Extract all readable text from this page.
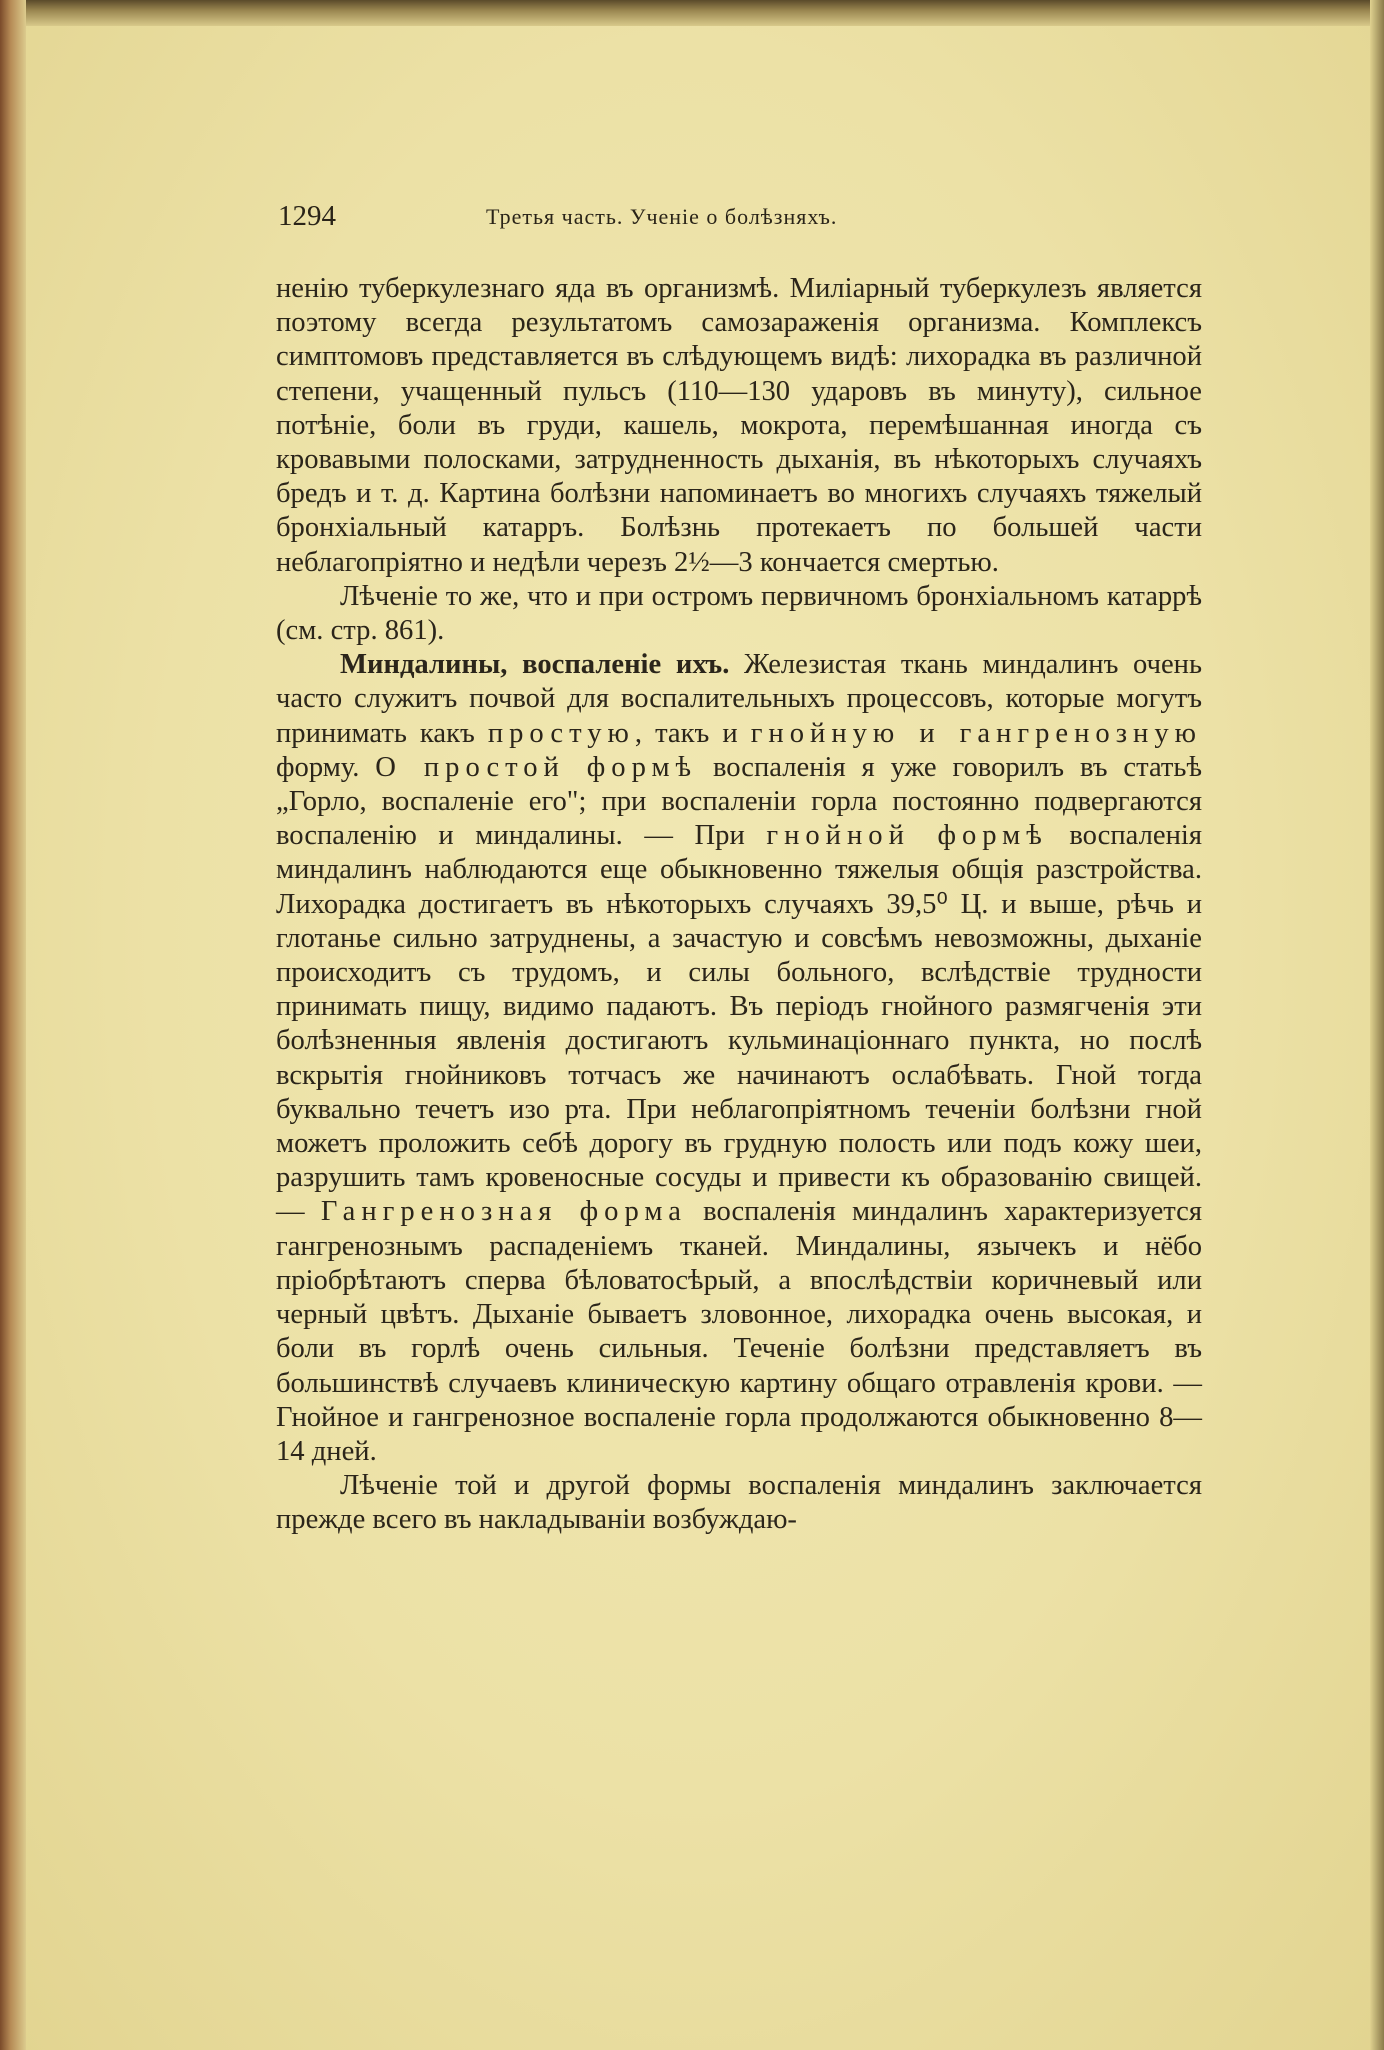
1294	Третья часть. Ученіе о болѣзняхъ.

ненію туберкулезнаго яда въ организмѣ. Миліарный туберкулезъ является поэтому всегда результатомъ самозараженія организма. Комплексъ симптомовъ представляется въ слѣдующемъ видѣ: лихорадка въ различной степени, учащенный пульсъ (110—130 ударовъ въ минуту), сильное потѣніе, боли въ груди, кашель, мокрота, перемѣшанная иногда съ кровавыми полосками, затрудненность дыханія, въ нѣкоторыхъ случаяхъ бредъ и т. д. Картина болѣзни напоминаетъ во многихъ случаяхъ тяжелый бронхіальный катарръ. Болѣзнь протекаетъ по большей части неблагопріятно и недѣли черезъ 2½—3 кончается смертью.

Лѣченіе то же, что и при остромъ первичномъ бронхіальномъ катаррѣ (см. стр. 861).

Миндалины, воспаленіе ихъ. Железистая ткань миндалинъ очень часто служитъ почвой для воспалительныхъ процессовъ, которые могутъ принимать какъ простую, такъ и гнойную и гангренозную форму. О простой формѣ воспаленія я уже говорилъ въ статьѣ „Горло, воспаленіе его"; при воспаленіи горла постоянно подвергаются воспаленію и миндалины. — При гнойной формѣ воспаленія миндалинъ наблюдаются еще обыкновенно тяжелыя общія разстройства. Лихорадка достигаетъ въ нѣкоторыхъ случаяхъ 39,5⁰ Ц. и выше, рѣчь и глотанье сильно затруднены, а зачастую и совсѣмъ невозможны, дыханіе происходитъ съ трудомъ, и силы больного, вслѣдствіе трудности принимать пищу, видимо падаютъ. Въ періодъ гнойного размягченія эти болѣзненныя явленія достигаютъ кульминаціоннаго пункта, но послѣ вскрытія гнойниковъ тотчасъ же начинаютъ ослабѣвать. Гной тогда буквально течетъ изо рта. При неблагопріятномъ теченіи болѣзни гной можетъ проложить себѣ дорогу въ грудную полость или подъ кожу шеи, разрушить тамъ кровеносные сосуды и привести къ образованію свищей. — Гангренозная форма воспаленія миндалинъ характеризуется гангренознымъ распаденіемъ тканей. Миндалины, язычекъ и нёбо пріобрѣтаютъ сперва бѣловатосѣрый, а впослѣдствіи коричневый или черный цвѣтъ. Дыханіе бываетъ зловонное, лихорадка очень высокая, и боли въ горлѣ очень сильныя. Теченіе болѣзни представляетъ въ большинствѣ случаевъ клиническую картину общаго отравленія крови. — Гнойное и гангренозное воспаленіе горла продолжаются обыкновенно 8—14 дней.

Лѣченіе той и другой формы воспаленія миндалинъ заключается прежде всего въ накладываніи возбуждаю-
